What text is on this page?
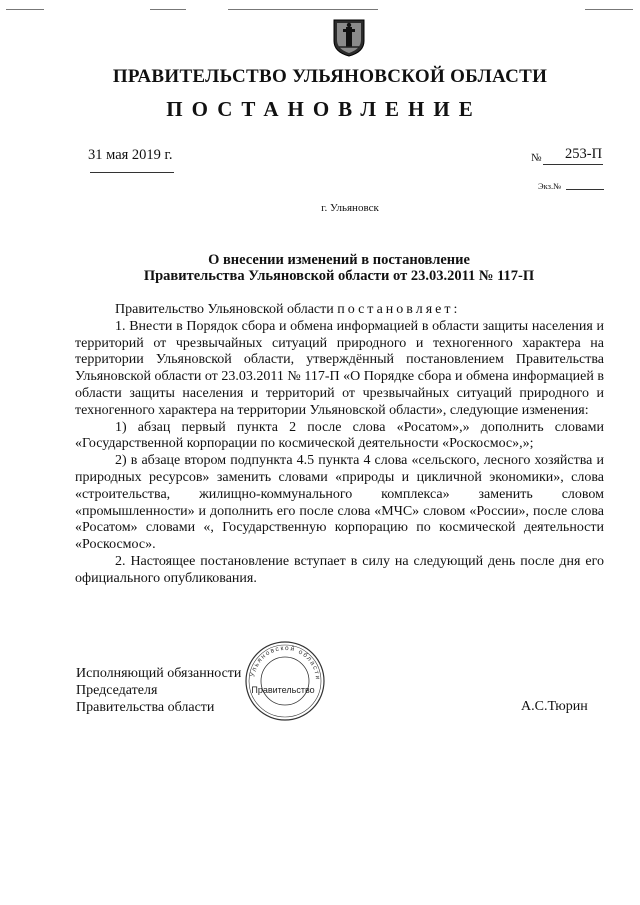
ПРАВИТЕЛЬСТВО УЛЬЯНОВСКОЙ ОБЛАСТИ
ПОСТАНОВЛЕНИЕ
31 мая 2019 г.	№ 253-П
Экз.№
г. Ульяновск
О внесении изменений в постановление
Правительства Ульяновской области от 23.03.2011 № 117-П

Правительство Ульяновской области постановляет:

1. Внести в Порядок сбора и обмена информацией в области защиты населения и территорий от чрезвычайных ситуаций природного и техногенного характера на территории Ульяновской области, утверждённый постановлением Правительства Ульяновской области от 23.03.2011 № 117-П «О Порядке сбора и обмена информацией в области защиты населения и территорий от чрезвычайных ситуаций природного и техногенного характера на территории Ульяновской области», следующие изменения:

1) абзац первый пункта 2 после слова «Росатом»,» дополнить словами «Государственной корпорации по космической деятельности «Роскосмос»,»;

2) в абзаце втором подпункта 4.5 пункта 4 слова «сельского, лесного хозяйства и природных ресурсов» заменить словами «природы и цикличной экономики», слова «строительства, жилищно-коммунального комплекса» заменить словом «промышленности» и дополнить его после слова «МЧС» словом «России», после слова «Росатом» словами «, Государственную корпорацию по космической деятельности «Роскосмос».

2. Настоящее постановление вступает в силу на следующий день после дня его официального опубликования.

Исполняющий обязанности
Председателя
Правительства области	А.С.Тюрин
Ульяновской области
Правительство
